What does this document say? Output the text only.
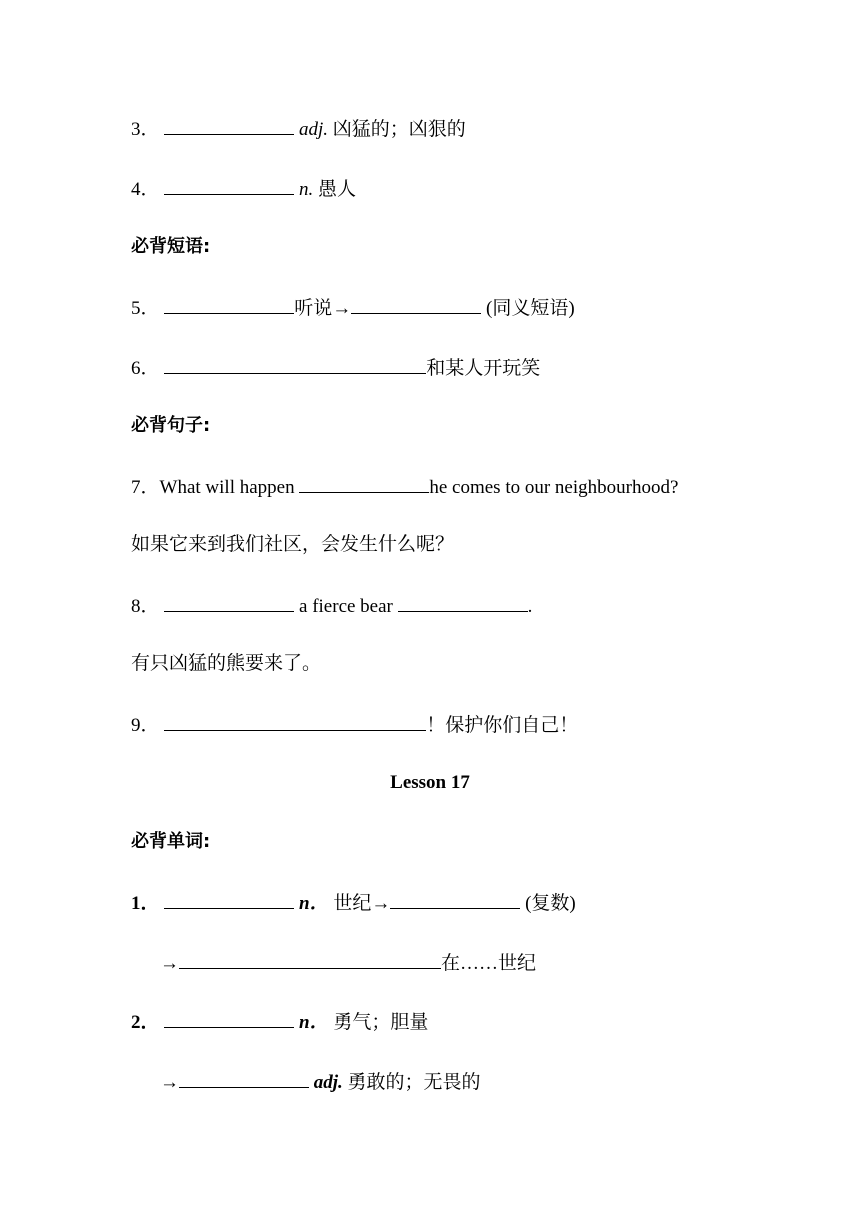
3．	adj. 凶猛的；凶狠的
4．	n. 愚人
必背短语:
5．	听说→	(同义短语)
6．	和某人开玩笑
必背句子:
7．What will happen	he comes to our neighbourhood?
如果它来到我们社区，会发生什么呢？
8．	a fierce bear	.
有只凶猛的熊要来了。
9．	！保护你们自己！
Lesson 17
必背单词:
1．	n． 世纪→	(复数)
→	在……世纪
2．	n． 勇气；胆量
→	adj. 勇敢的；无畏的
